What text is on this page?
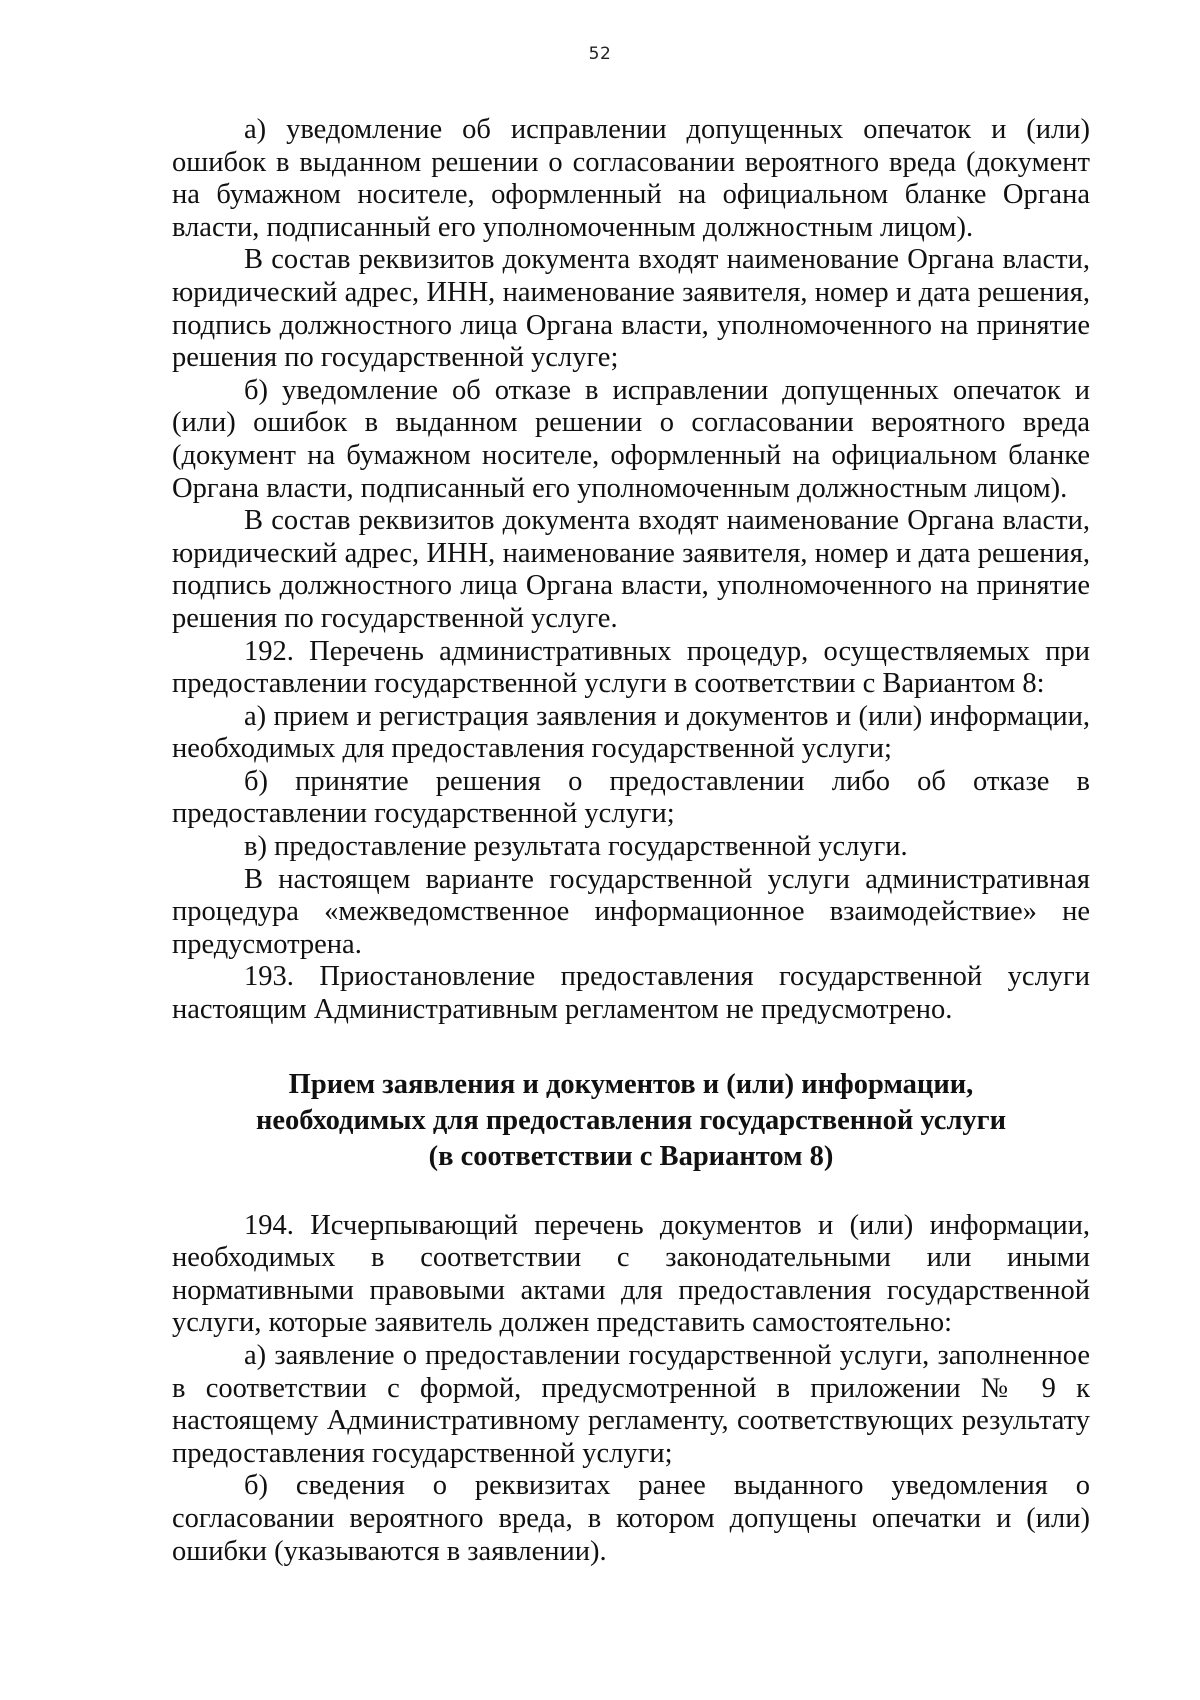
52

а) уведомление об исправлении допущенных опечаток и (или) ошибок в выданном решении о согласовании вероятного вреда (документ на бумажном носителе, оформленный на официальном бланке Органа власти, подписанный его уполномоченным должностным лицом).

В состав реквизитов документа входят наименование Органа власти, юридический адрес, ИНН, наименование заявителя, номер и дата решения, подпись должностного лица Органа власти, уполномоченного на принятие решения по государственной услуге;

б) уведомление об отказе в исправлении допущенных опечаток и (или) ошибок в выданном решении о согласовании вероятного вреда (документ на бумажном носителе, оформленный на официальном бланке Органа власти, подписанный его уполномоченным должностным лицом).

В состав реквизитов документа входят наименование Органа власти, юридический адрес, ИНН, наименование заявителя, номер и дата решения, подпись должностного лица Органа власти, уполномоченного на принятие решения по государственной услуге.

192. Перечень административных процедур, осуществляемых при предоставлении государственной услуги в соответствии с Вариантом 8:

а) прием и регистрация заявления и документов и (или) информации, необходимых для предоставления государственной услуги;

б) принятие решения о предоставлении либо об отказе в предоставлении государственной услуги;

в) предоставление результата государственной услуги.

В настоящем варианте государственной услуги административная процедура «межведомственное информационное взаимодействие» не предусмотрена.

193. Приостановление предоставления государственной услуги настоящим Административным регламентом не предусмотрено.

Прием заявления и документов и (или) информации,
необходимых для предоставления государственной услуги
(в соответствии с Вариантом 8)

194. Исчерпывающий перечень документов и (или) информации, необходимых в соответствии с законодательными или иными нормативными правовыми актами для предоставления государственной услуги, которые заявитель должен представить самостоятельно:

а) заявление о предоставлении государственной услуги, заполненное в соответствии с формой, предусмотренной в приложении № 9 к настоящему Административному регламенту, соответствующих результату предоставления государственной услуги;

б) сведения о реквизитах ранее выданного уведомления о согласовании вероятного вреда, в котором допущены опечатки и (или) ошибки (указываются в заявлении).
